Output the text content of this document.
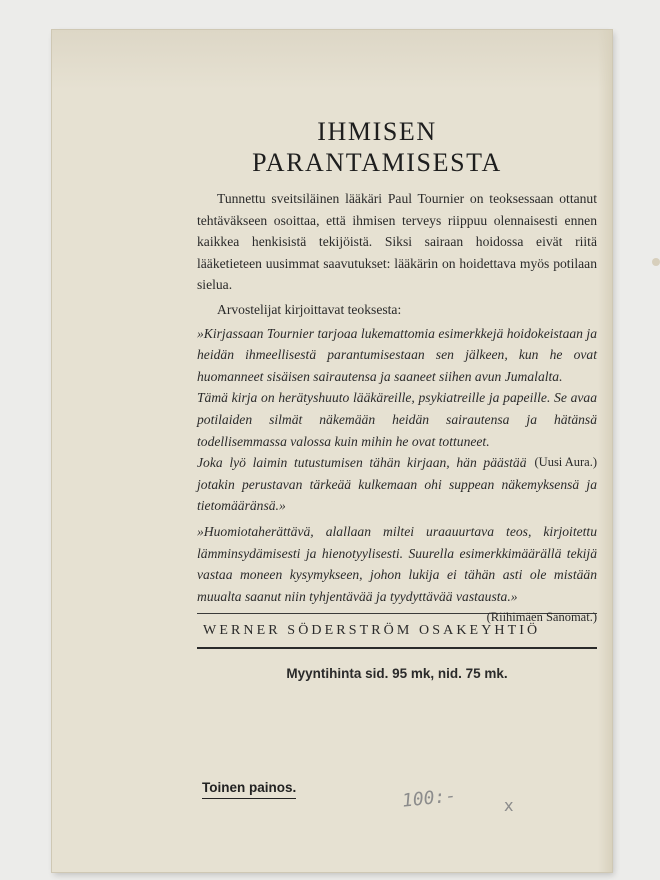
IHMISEN
PARANTAMISESTA

Tunnettu sveitsiläinen lääkäri Paul Tournier on teoksessaan ottanut tehtäväkseen osoittaa, että ihmisen terveys riippuu olennaisesti ennen kaikkea henkisistä tekijöistä. Siksi sairaan hoidossa eivät riitä lääketieteen uusimmat saavutukset: lääkärin on hoidettava myös potilaan sielua.

Arvostelijat kirjoittavat teoksesta:

»Kirjassaan Tournier tarjoaa lukemattomia esimerkkejä hoidokeistaan ja heidän ihmeellisestä parantumisestaan sen jälkeen, kun he ovat huomanneet sisäisen sairautensa ja saaneet siihen avun Jumalalta.

Tämä kirja on herätyshuuto lääkäreille, psykiatreille ja papeille. Se avaa potilaiden silmät näkemään heidän sairautensa ja hätänsä todellisemmassa valossa kuin mihin he ovat tottuneet.

(Uusi Aura.)
Joka lyö laimin tutustumisen tähän kirjaan, hän päästää jotakin perustavan tärkeää kulkemaan ohi suppean näkemyksensä ja tietomääränsä.»

»Huomiotaherättävä, alallaan miltei uraauurtava teos, kirjoitettu lämminsydämisesti ja hienotyylisesti. Suurella esimerkkimäärällä tekijä vastaa moneen kysymykseen, johon lukija ei tähän asti ole mistään muualta saanut niin tyhjentävää ja tyydyttävää vastausta.»
(Riihimäen Sanomat.)

WERNER SÖDERSTRÖM OSAKEYHTIÖ
Myyntihinta sid. 95 mk, nid. 75 mk.
Toinen painos.	100:-	x
